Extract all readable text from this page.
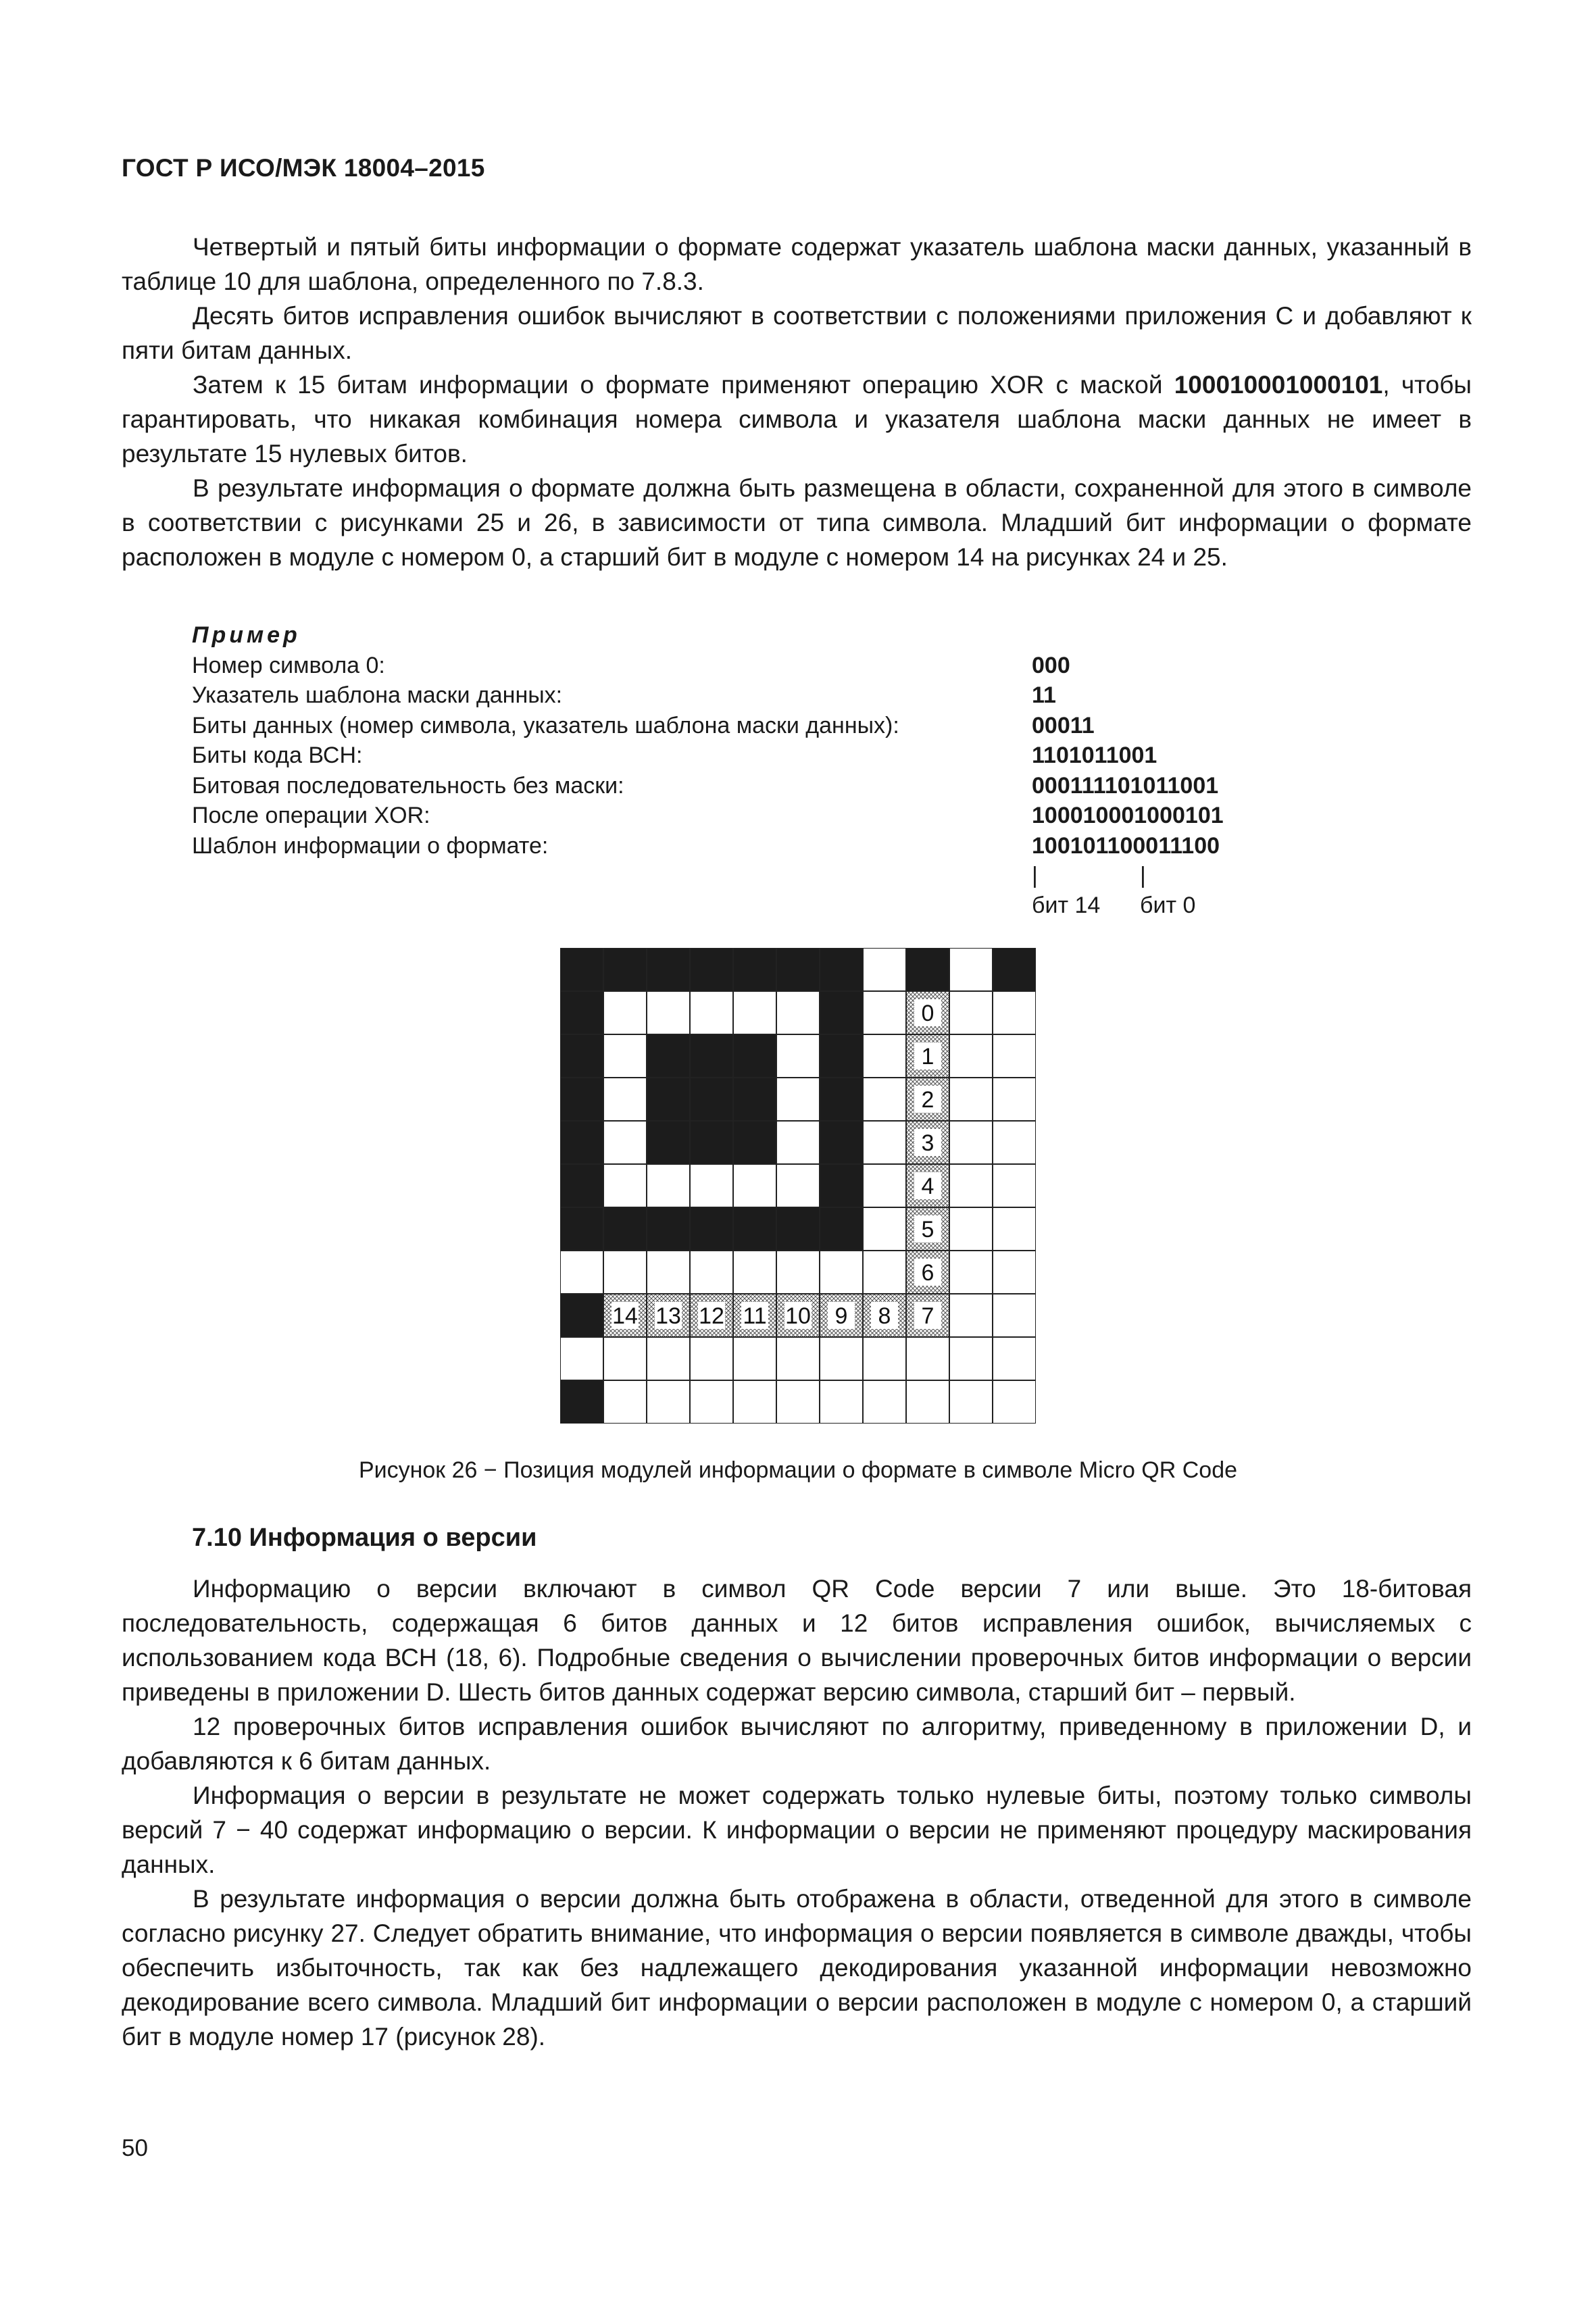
ГОСТ Р ИСО/МЭК 18004–2015

Четвертый и пятый биты информации о формате содержат указатель шаблона маски данных, указанный в таблице 10 для шаблона, определенного по 7.8.3.

Десять битов исправления ошибок вычисляют в соответствии с положениями приложения С и добавляют к пяти битам данных.

Затем к 15 битам информации о формате применяют операцию XOR с маской 100010001000101, чтобы гарантировать, что никакая комбинация номера символа и указателя шаблона маски данных не имеет в результате 15 нулевых битов.

В результате информация о формате должна быть размещена в области, сохраненной для этого в символе в соответствии с рисунками 25 и 26, в зависимости от типа символа. Младший бит информации о формате расположен в модуле с номером 0, а старший бит в модуле с номером 14 на рисунках 24 и 25.

Пример
Номер символа 0:	000
Указатель шаблона маски данных:	11
Биты данных (номер символа, указатель шаблона маски данных):	00011
Биты кода ВСН:	1101011001
Битовая последовательность без маски:	000111101011001
После операции XOR:	100010001000101
Шаблон информации о формате:	100101100011100
|	|
бит 14 бит 0
0
1
2
3
4
5
6
14 13 12 11 10 9 8 7
Рисунок 26 − Позиция модулей информации о формате в символе Micro QR Code
7.10 Информация о версии

Информацию о версии включают в символ QR Code версии 7 или выше. Это 18-битовая последовательность, содержащая 6 битов данных и 12 битов исправления ошибок, вычисляемых с использованием кода ВСН (18, 6). Подробные сведения о вычислении проверочных битов информации о версии приведены в приложении D. Шесть битов данных содержат версию символа, старший бит – первый.

12 проверочных битов исправления ошибок вычисляют по алгоритму, приведенному в приложении D, и добавляются к 6 битам данных.

Информация о версии в результате не может содержать только нулевые биты, поэтому только символы версий 7 − 40 содержат информацию о версии. К информации о версии не применяют процедуру маскирования данных.

В результате информация о версии должна быть отображена в области, отведенной для этого в символе согласно рисунку 27. Следует обратить внимание, что информация о версии появляется в символе дважды, чтобы обеспечить избыточность, так как без надлежащего декодирования указанной информации невозможно декодирование всего символа. Младший бит информации о версии расположен в модуле с номером 0, а старший бит в модуле номер 17 (рисунок 28).

50
